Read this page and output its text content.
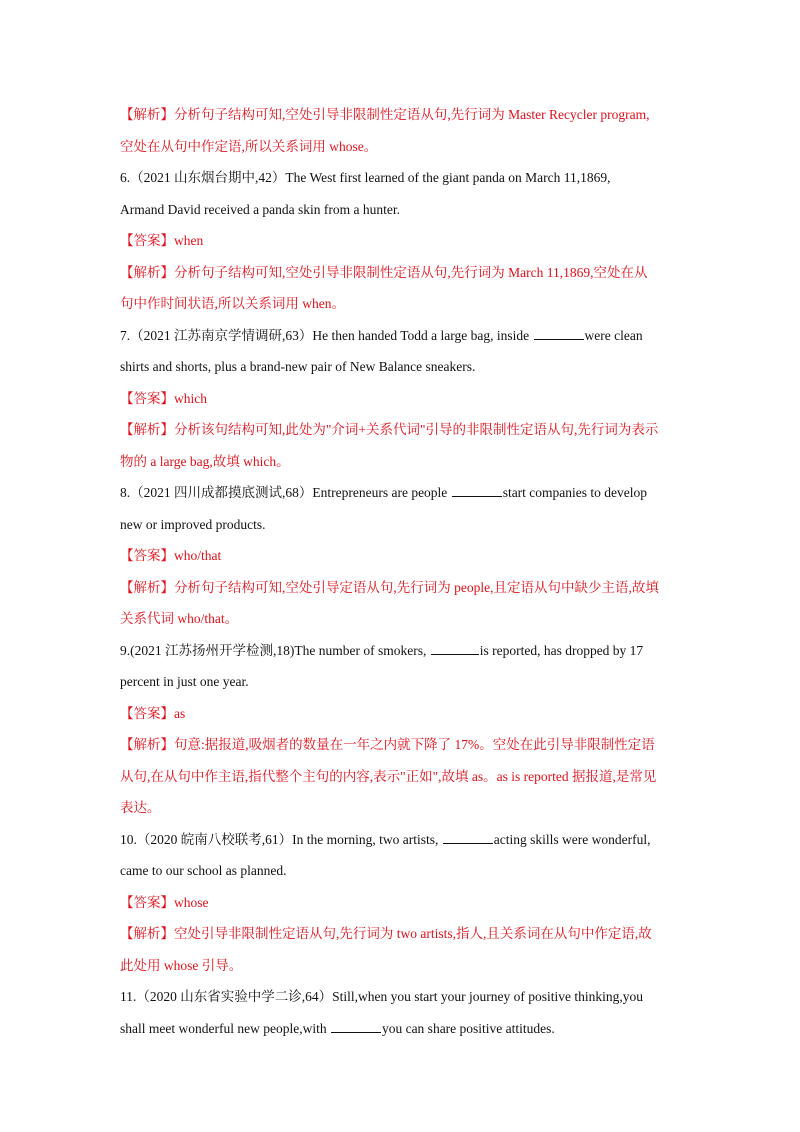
【解析】分析句子结构可知,空处引导非限制性定语从句,先行词为 Master Recycler program,
空处在从句中作定语,所以关系词用 whose。
6.（2021 山东烟台期中,42）The West first learned of the giant panda on March 11,1869,
Armand David received a panda skin from a hunter.
【答案】when
【解析】分析句子结构可知,空处引导非限制性定语从句,先行词为 March 11,1869,空处在从
句中作时间状语,所以关系词用 when。
7.（2021 江苏南京学情调研,63）He then handed Todd a large bag, inside	were clean
shirts and shorts, plus a brand-new pair of New Balance sneakers.
【答案】which
【解析】分析该句结构可知,此处为"介词+关系代词"引导的非限制性定语从句,先行词为表示
物的 a large bag,故填 which。
8.（2021 四川成都摸底测试,68）Entrepreneurs are people	start companies to develop
new or improved products.
【答案】who/that
【解析】分析句子结构可知,空处引导定语从句,先行词为 people,且定语从句中缺少主语,故填
关系代词 who/that。
9.(2021 江苏扬州开学检测,18)The number of smokers,	is reported, has dropped by 17
percent in just one year.
【答案】as
【解析】句意:据报道,吸烟者的数量在一年之内就下降了 17%。空处在此引导非限制性定语
从句,在从句中作主语,指代整个主句的内容,表示"正如",故填 as。as is reported 据报道,是常见
表达。
10.（2020 皖南八校联考,61）In the morning, two artists,	acting skills were wonderful,
came to our school as planned.
【答案】whose
【解析】空处引导非限制性定语从句,先行词为 two artists,指人,且关系词在从句中作定语,故
此处用 whose 引导。
11.（2020 山东省实验中学二诊,64）Still,when you start your journey of positive thinking,you
shall meet wonderful new people,with	you can share positive attitudes.
